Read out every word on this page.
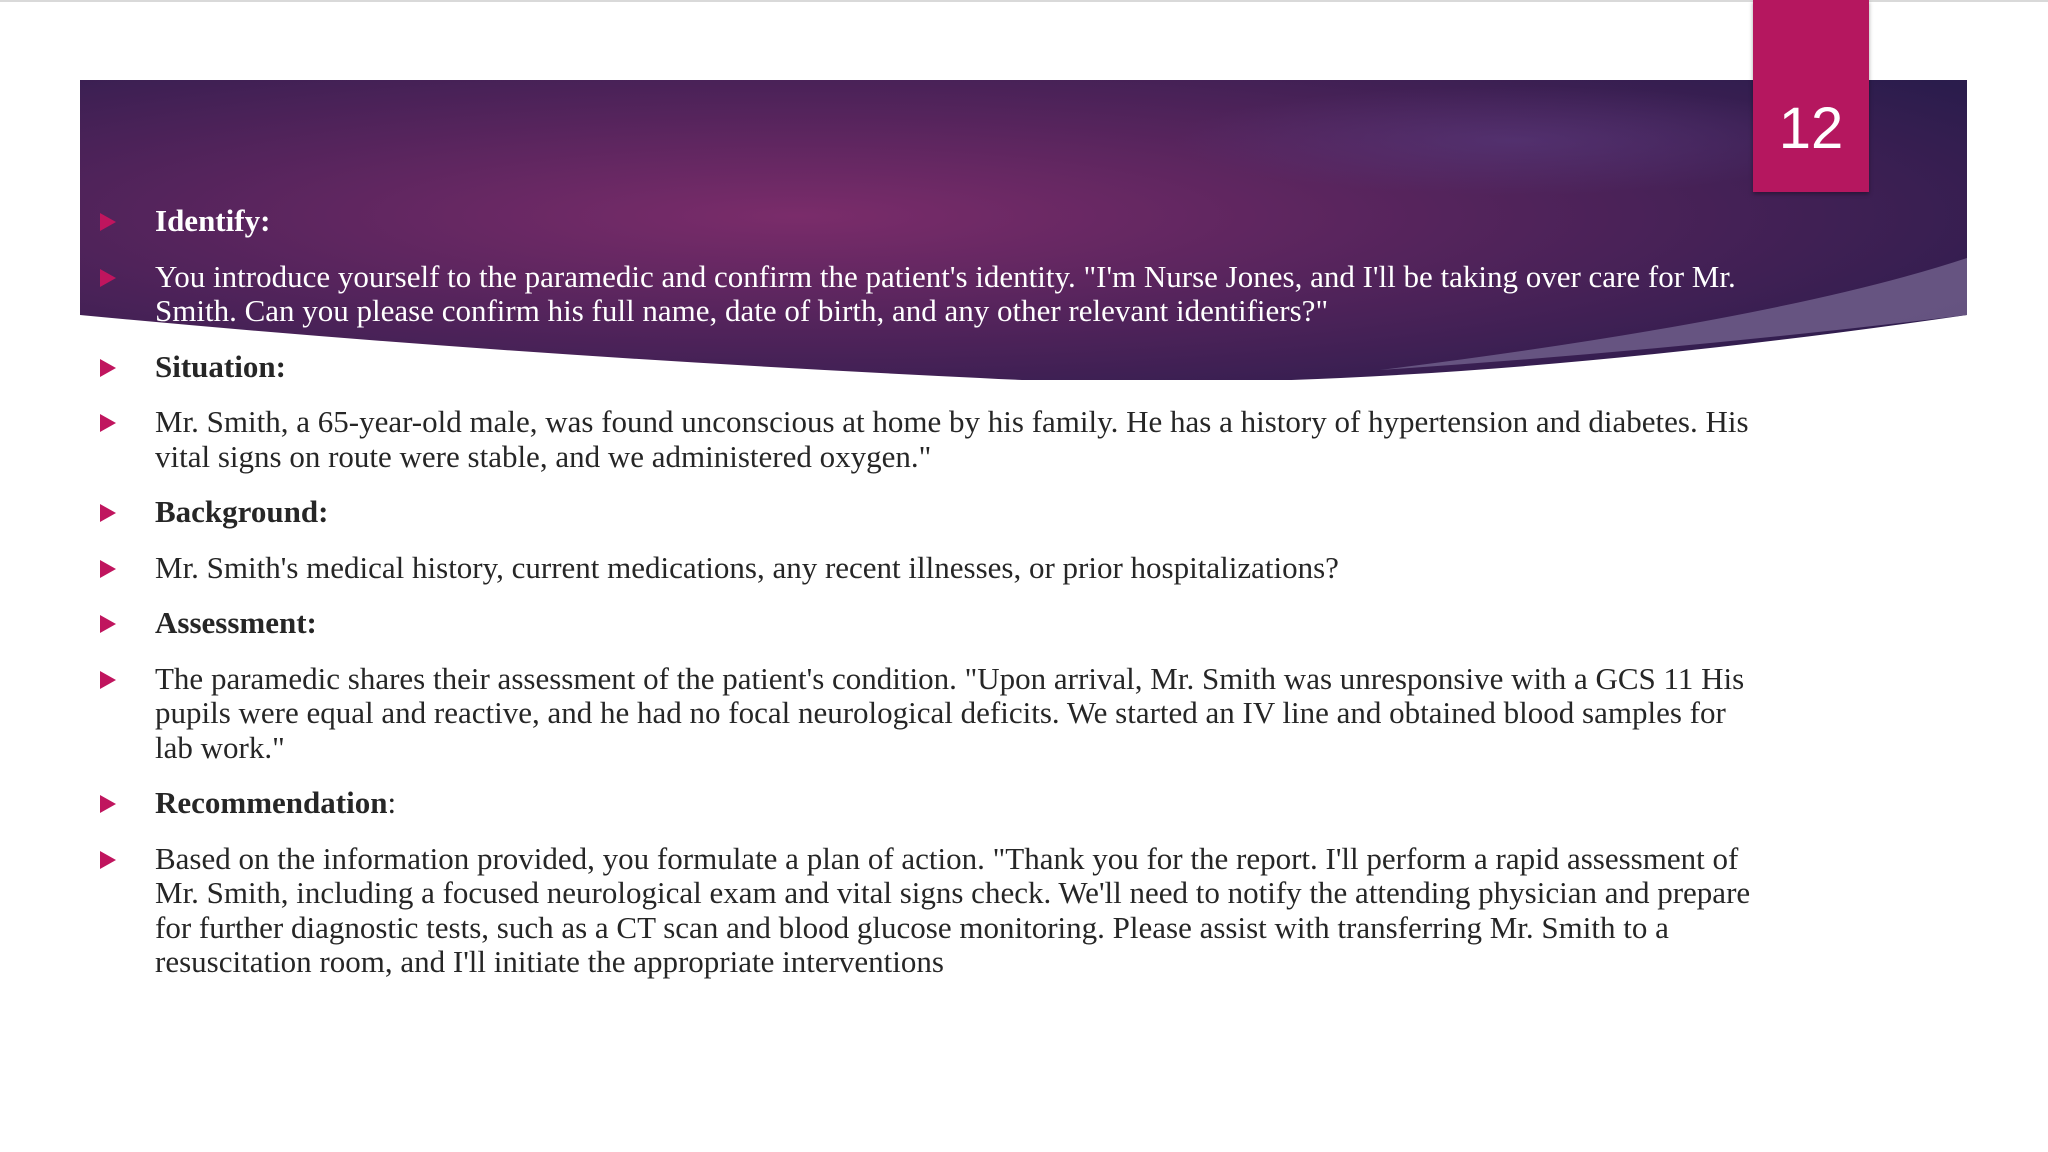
12
Identify:
You introduce yourself to the paramedic and confirm the patient's identity. "I'm Nurse Jones, and I'll be taking over care for Mr. Smith. Can you please confirm his full name, date of birth, and any other relevant identifiers?"
Situation:
Mr. Smith, a 65-year-old male, was found unconscious at home by his family. He has a history of hypertension and diabetes. His vital signs on route were stable, and we administered oxygen."
Background:
Mr. Smith's medical history, current medications, any recent illnesses, or prior hospitalizations?
Assessment:
The paramedic shares their assessment of the patient's condition. "Upon arrival, Mr. Smith was unresponsive with a GCS 11 His pupils were equal and reactive, and he had no focal neurological deficits. We started an IV line and obtained blood samples for lab work."
Recommendation:
Based on the information provided, you formulate a plan of action. "Thank you for the report. I'll perform a rapid assessment of Mr. Smith, including a focused neurological exam and vital signs check. We'll need to notify the attending physician and prepare for further diagnostic tests, such as a CT scan and blood glucose monitoring. Please assist with transferring Mr. Smith to a resuscitation room, and I'll initiate the appropriate interventions
